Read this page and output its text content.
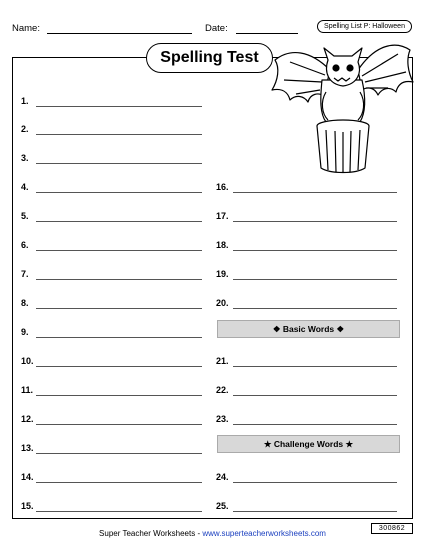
Name:	Date:	Spelling List P: Halloween
Spelling Test
1.
2.
3.
4.
5.
6.
7.
8.
9.
10.
11.
12.
13.
14.
15.
16.
17.
18.
19.
20.
21.
22.
23.
24.
25.
❖ Basic Words ❖
★ Challenge Words ★
Super Teacher Worksheets - www.superteacherworksheets.com
300862
